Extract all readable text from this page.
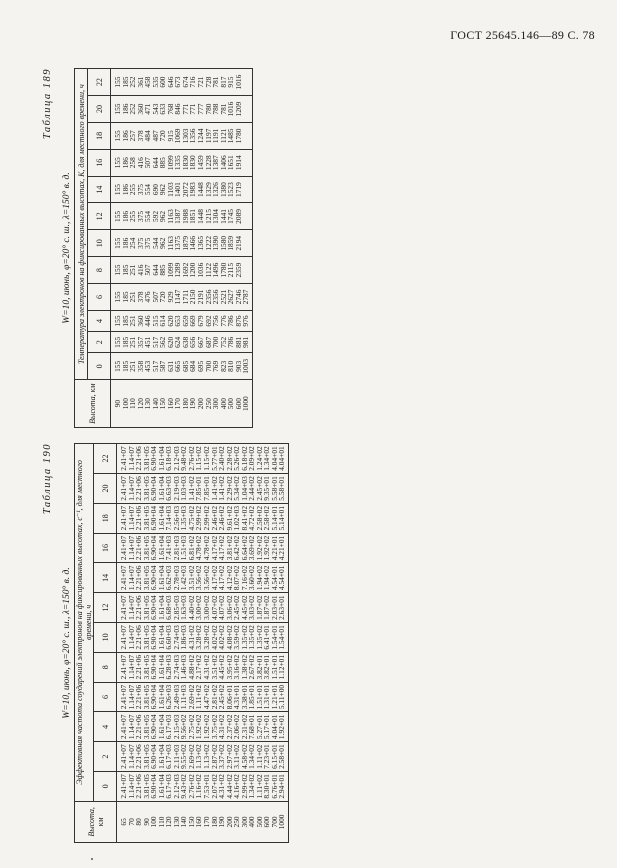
ГОСТ 25645.146—89 С. 78
Таблица 189
W=10, июнь, φ=20° с. ш., λ=150° в. д.
Высота, км	Температура электронов на фиксированных высотах, К, для местного времени, ч											
	0	2	4	6	8	10	12	14	16	18	20	22
90	155	155	155	155	155	155	155	155	155	155	155	155
100	185	185	185	185	185	186	186	186	186	186	186	185
110	251	251	251	251	251	254	255	255	258	257	252	252
120	358	357	360	378	416	375	375	375	416	378	360	361
130	453	451	446	476	507	375	554	554	507	484	471	458
140	517	517	515	507	644	544	592	690	644	487	543	535
150	587	562	614	720	885	962	962	962	885	720	633	600
160	631	620	620	929	1099	1163	1163	1103	1099	915	768	646
170	665	624	653	1147	1289	1375	1387	1401	1335	1069	846	673
180	685	638	659	1711	1692	1879	1988	2072	1830	1303	771	674
190	684	656	669	2150	1200	1466	1851	1983	1830	1356	771	716
200	695	667	679	2191	1036	1365	1448	1448	1459	1244	777	721
250	700	687	692	2356	1122	1222	1215	1329	1228	1197	780	728
300	769	700	756	2356	1496	1390	1304	1326	1387	1191	788	781
400	823	752	776	2521	1780	1580	1441	1380	1406	1121	781	817
500	810	786	786	2627	2115	1859	1745	1523	1651	1485	1016	915
600	903	881	876	2746	2359	2194	2089	1719	1914	1780	1209	1016
1000	1003	981	976	2787								
Таблица 190
W=10, июнь, φ=20° с. ш., λ=150° в. д.
Высота, км	Эффективная частота соударений электронов на фиксированных высотах, с⁻¹, для местного времени, ч											
	0	2	4	6	8	10	12	14	16	18	20	22
65	2.41+07	2.41+07	2.41+07	2.41+07	2.41+07	2.41+07	2.41+07	2.41+07	2.41+07	2.41+07	2.41+07	2.41+07
70	1.14+07	1.14+07	1.14+07	1.14+07	1.14+07	1.14+07	1.14+07	1.14+07	1.14+07	1.14+07	1.14+07	1.14+07
80	2.21+06	2.21+06	2.21+06	2.21+06	2.21+06	2.21+06	2.21+06	2.21+06	2.21+06	2.21+06	2.21+06	2.21+06
90	3.81+05	3.81+05	3.81+05	3.81+05	3.81+05	3.81+05	3.81+05	3.81+05	3.81+05	3.81+05	3.81+05	3.81+05
100	6.90+04	6.90+04	6.90+04	6.90+04	6.90+04	6.90+04	6.90+04	6.90+04	6.90+04	6.90+04	6.90+04	6.90+04
110	1.61+04	1.61+04	1.61+04	1.61+04	1.61+04	1.61+04	1.61+04	1.61+04	1.61+04	1.61+04	1.61+04	1.61+04
120	6.17+03	6.17+03	6.17+03	6.26+03	6.28+03	6.60+03	6.68+03	6.62+03	7.41+03	7.14+03	6.63+03	6.18+03
130	2.12+03	2.11+03	2.15+03	2.49+03	2.74+03	2.74+03	2.85+03	2.78+03	2.81+03	2.56+03	2.19+03	2.12+03
140	9.43+02	9.55+02	9.56+02	1.11+03	1.46+03	1.86+03	1.63+03	1.42+03	1.51+03	1.35+03	1.03+03	9.48+02
150	2.76+02	2.69+02	2.75+02	2.69+02	4.88+02	4.31+02	4.40+02	3.51+02	6.81+02	4.75+02	1.41+02	2.76+02
160	1.16+02	1.13+02	1.92+02	1.11+02	2.17+02	3.28+02	3.00+02	3.56+02	4.78+02	2.99+02	7.85+01	1.15+02
170	7.53+01	1.13+02	1.92+02	4.47+02	4.31+02	3.28+02	3.00+02	3.56+02	4.78+02	2.99+02	7.85+01	1.15+02
180	2.07+02	2.87+02	3.75+02	2.81+02	3.51+02	4.02+02	4.07+02	4.17+02	4.17+02	2.46+02	1.41+02	5.77+01
190	4.31+02	3.37+02	4.31+02	2.45+02	4.45+02	4.02+02	4.07+02	4.17+02	4.17+02	2.46+02	1.41+02	2.40+02
200	4.44+02	2.97+02	2.37+02	8.06+01	3.95+02	4.08+02	3.06+02	4.12+02	3.81+02	9.61+02	2.29+02	2.28+02
250	4.16+02	3.11+02	2.06+02	4.31+01	3.16+02	3.59+02	2.45+02	8.07+02	6.42+02	1.02+03	5.34+02	5.26+02
300	2.99+02	4.58+02	2.31+02	3.38+01	1.38+02	1.35+02	4.45+02	7.16+02	6.64+02	8.41+02	1.04+03	6.18+02
400	1.34+02	1.34+02	7.68+01	1.85+01	2.67+02	1.35+02	3.03+02	3.60+02	3.69+02	4.72+02	2.44+02	2.09+02
500	1.11+02	1.11+02	5.27+01	1.51+01	3.82+01	1.35+02	1.87+02	1.94+02	1.92+02	2.58+02	2.45+02	1.24+02
600	8.30+01	7.23+01	5.17+01	1.31+01	3.82+01	6.41+01	1.87+02	1.94+02	1.92+02	2.58+02	9.35+01	1.34+02
700	6.76+01	6.15+01	4.04+01	1.21+01	1.51+01	1.54+01	2.03+01	4.54+01	4.21+01	5.14+01	5.58+01	4.04+01
1000	2.94+01	2.58+01	1.92+01	5.11+00	1.12+01	1.54+01	2.63+01	4.54+01	4.21+01	5.14+01	5.58+01	4.04+01
